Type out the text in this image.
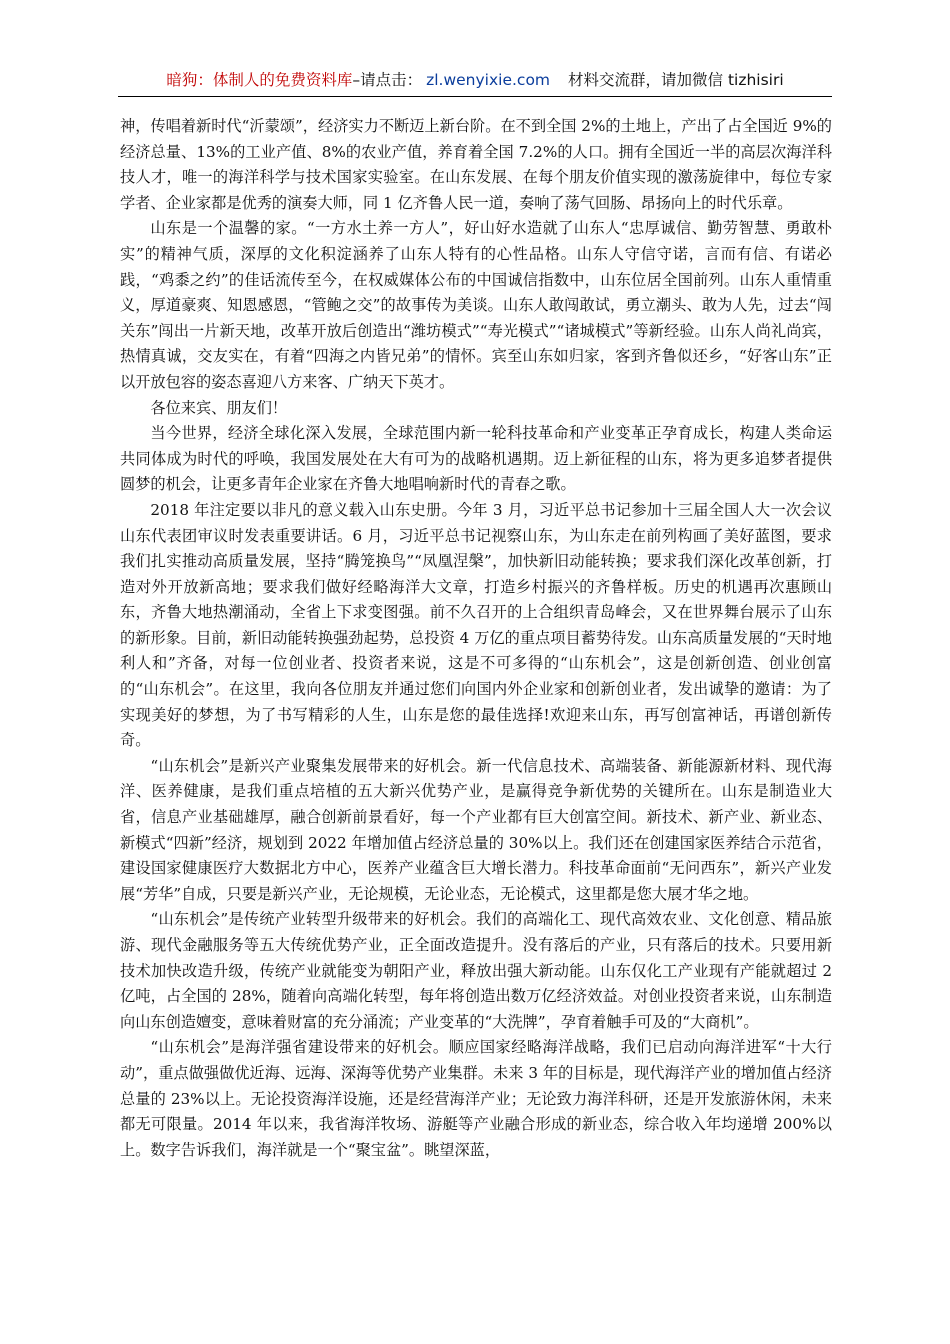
暗狗：体制人的免费资料库–请点击： zl.wenyixie.com 材料交流群，请加微信 tizhisiri

神，传唱着新时代“沂蒙颂”，经济实力不断迈上新台阶。在不到全国 2%的土地上，产出了占全国近 9%的经济总量、13%的工业产值、8%的农业产值，养育着全国 7.2%的人口。拥有全国近一半的高层次海洋科技人才，唯一的海洋科学与技术国家实验室。在山东发展、在每个朋友价值实现的激荡旋律中，每位专家学者、企业家都是优秀的演奏大师，同 1 亿齐鲁人民一道，奏响了荡气回肠、昂扬向上的时代乐章。

山东是一个温馨的家。“一方水土养一方人”，好山好水造就了山东人“忠厚诚信、勤劳智慧、勇敢朴实”的精神气质，深厚的文化积淀涵养了山东人特有的心性品格。山东人守信守诺，言而有信、有诺必践，“鸡黍之约”的佳话流传至今，在权威媒体公布的中国诚信指数中，山东位居全国前列。山东人重情重义，厚道豪爽、知恩感恩，“管鲍之交”的故事传为美谈。山东人敢闯敢试，勇立潮头、敢为人先，过去“闯关东”闯出一片新天地，改革开放后创造出“潍坊模式”“寿光模式”“诸城模式”等新经验。山东人尚礼尚宾，热情真诚，交友实在，有着“四海之内皆兄弟”的情怀。宾至山东如归家，客到齐鲁似还乡，“好客山东”正以开放包容的姿态喜迎八方来客、广纳天下英才。

各位来宾、朋友们！

当今世界，经济全球化深入发展，全球范围内新一轮科技革命和产业变革正孕育成长，构建人类命运共同体成为时代的呼唤，我国发展处在大有可为的战略机遇期。迈上新征程的山东，将为更多追梦者提供圆梦的机会，让更多青年企业家在齐鲁大地唱响新时代的青春之歌。

2018 年注定要以非凡的意义载入山东史册。今年 3 月，习近平总书记参加十三届全国人大一次会议山东代表团审议时发表重要讲话。6 月，习近平总书记视察山东，为山东走在前列构画了美好蓝图，要求我们扎实推动高质量发展，坚持“腾笼换鸟”“凤凰涅槃”，加快新旧动能转换；要求我们深化改革创新，打造对外开放新高地；要求我们做好经略海洋大文章，打造乡村振兴的齐鲁样板。历史的机遇再次惠顾山东，齐鲁大地热潮涌动，全省上下求变图强。前不久召开的上合组织青岛峰会，又在世界舞台展示了山东的新形象。目前，新旧动能转换强劲起势，总投资 4 万亿的重点项目蓄势待发。山东高质量发展的“天时地利人和”齐备，对每一位创业者、投资者来说，这是不可多得的“山东机会”，这是创新创造、创业创富的“山东机会”。在这里，我向各位朋友并通过您们向国内外企业家和创新创业者，发出诚挚的邀请：为了实现美好的梦想，为了书写精彩的人生，山东是您的最佳选择!欢迎来山东，再写创富神话，再谱创新传奇。

“山东机会”是新兴产业聚集发展带来的好机会。新一代信息技术、高端装备、新能源新材料、现代海洋、医养健康，是我们重点培植的五大新兴优势产业，是赢得竞争新优势的关键所在。山东是制造业大省，信息产业基础雄厚，融合创新前景看好，每一个产业都有巨大创富空间。新技术、新产业、新业态、新模式“四新”经济，规划到 2022 年增加值占经济总量的 30%以上。我们还在创建国家医养结合示范省，建设国家健康医疗大数据北方中心，医养产业蕴含巨大增长潜力。科技革命面前“无问西东”，新兴产业发展“芳华”自成，只要是新兴产业，无论规模，无论业态，无论模式，这里都是您大展才华之地。

“山东机会”是传统产业转型升级带来的好机会。我们的高端化工、现代高效农业、文化创意、精品旅游、现代金融服务等五大传统优势产业，正全面改造提升。没有落后的产业，只有落后的技术。只要用新技术加快改造升级，传统产业就能变为朝阳产业，释放出强大新动能。山东仅化工产业现有产能就超过 2 亿吨，占全国的 28%，随着向高端化转型，每年将创造出数万亿经济效益。对创业投资者来说，山东制造向山东创造嬗变，意味着财富的充分涌流；产业变革的“大洗牌”，孕育着触手可及的“大商机”。

“山东机会”是海洋强省建设带来的好机会。顺应国家经略海洋战略，我们已启动向海洋进军“十大行动”，重点做强做优近海、远海、深海等优势产业集群。未来 3 年的目标是，现代海洋产业的增加值占经济总量的 23%以上。无论投资海洋设施，还是经营海洋产业；无论致力海洋科研，还是开发旅游休闲，未来都无可限量。2014 年以来，我省海洋牧场、游艇等产业融合形成的新业态，综合收入年均递增 200%以上。数字告诉我们，海洋就是一个“聚宝盆”。眺望深蓝，
